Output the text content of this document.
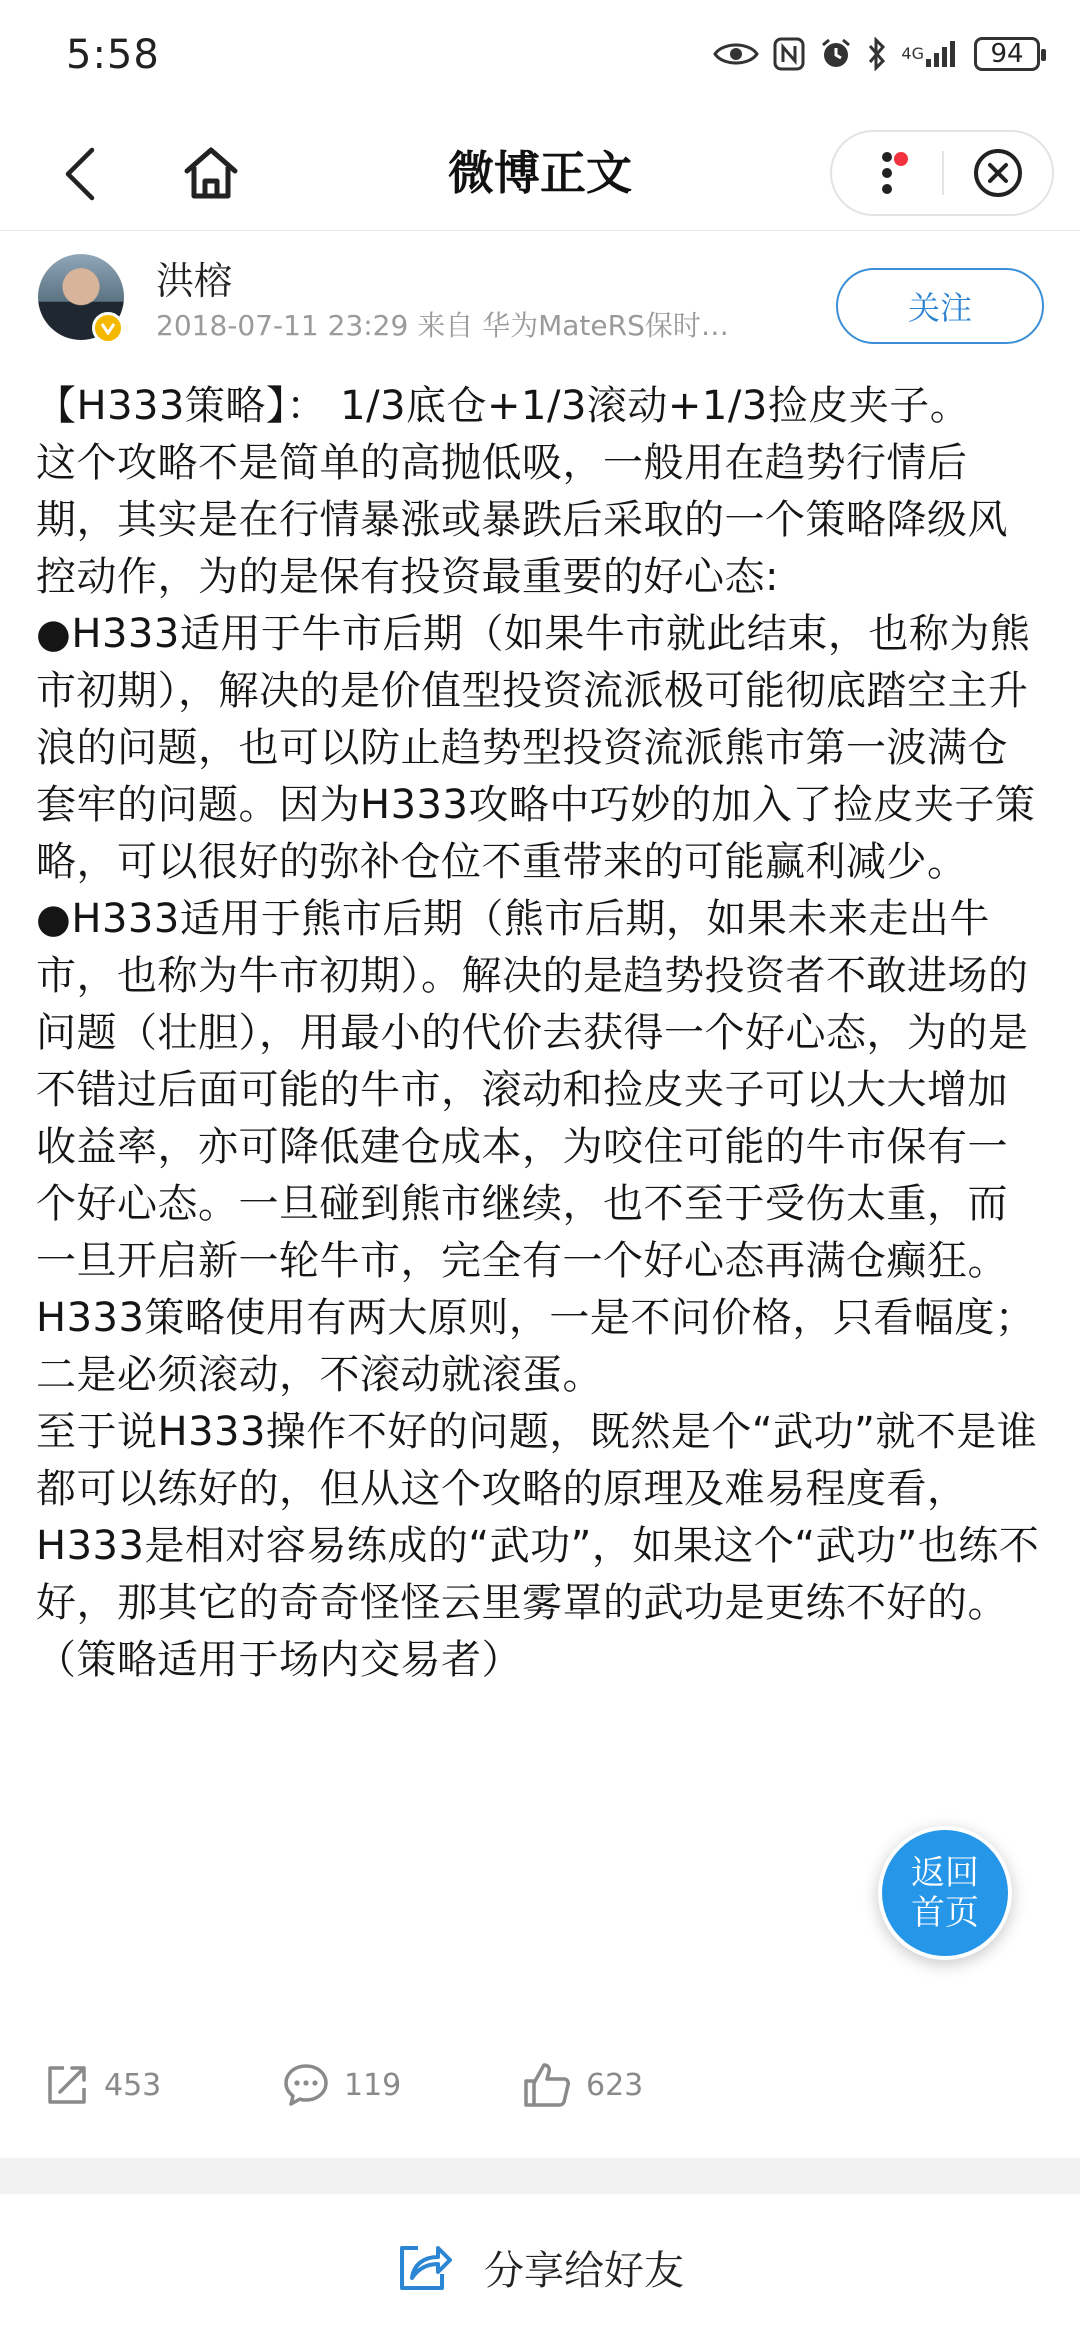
5:58	4G	94
微博正文
洪榕
2018-07-11 23:29 来自 华为MateRS保时…	关注

【H333策略】： 1/3底仓+1/3滚动+1/3捡皮夹子。

这个攻略不是简单的高抛低吸，一般用在趋势行情后期，其实是在行情暴涨或暴跌后采取的一个策略降级风控动作，为的是保有投资最重要的好心态:

●H333适用于牛市后期（如果牛市就此结束，也称为熊市初期），解决的是价值型投资流派极可能彻底踏空主升浪的问题，也可以防止趋势型投资流派熊市第一波满仓套牢的问题。因为H333攻略中巧妙的加入了捡皮夹子策略，可以很好的弥补仓位不重带来的可能赢利减少。

●H333适用于熊市后期（熊市后期，如果未来走出牛市，也称为牛市初期）。解决的是趋势投资者不敢进场的问题（壮胆），用最小的代价去获得一个好心态，为的是不错过后面可能的牛市，滚动和捡皮夹子可以大大增加收益率，亦可降低建仓成本，为咬住可能的牛市保有一个好心态。一旦碰到熊市继续，也不至于受伤太重，而一旦开启新一轮牛市，完全有一个好心态再满仓癫狂。H333策略使用有两大原则，一是不问价格，只看幅度；二是必须滚动，不滚动就滚蛋。

至于说H333操作不好的问题，既然是个“武功”就不是谁都可以练好的，但从这个攻略的原理及难易程度看，H333是相对容易练成的“武功”，如果这个“武功”也练不好，那其它的奇奇怪怪云里雾罩的武功是更练不好的。

（策略适用于场内交易者）

返回
首页
453	119	623
分享给好友
